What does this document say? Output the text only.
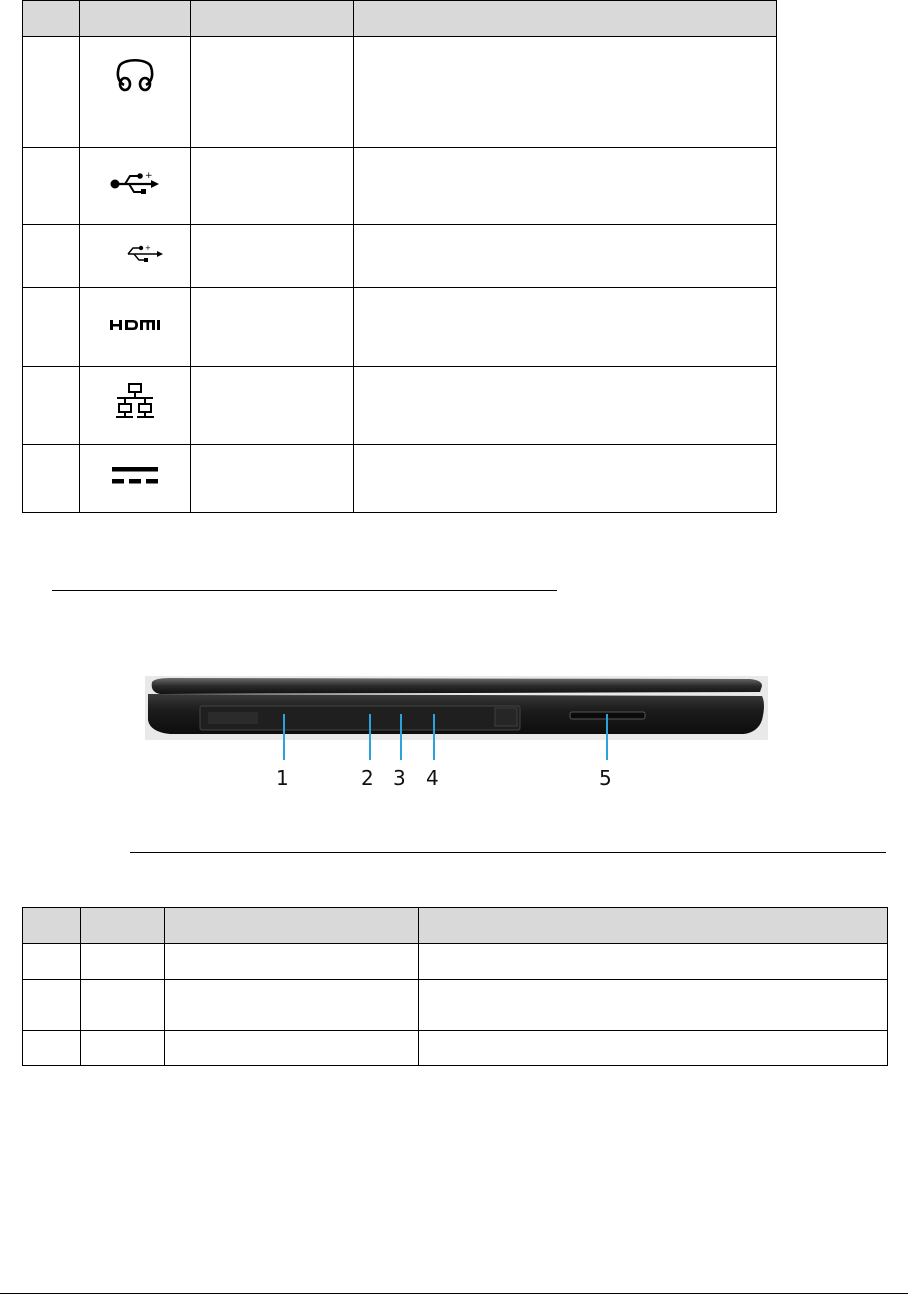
+		

+		

1	2 3 4	5
